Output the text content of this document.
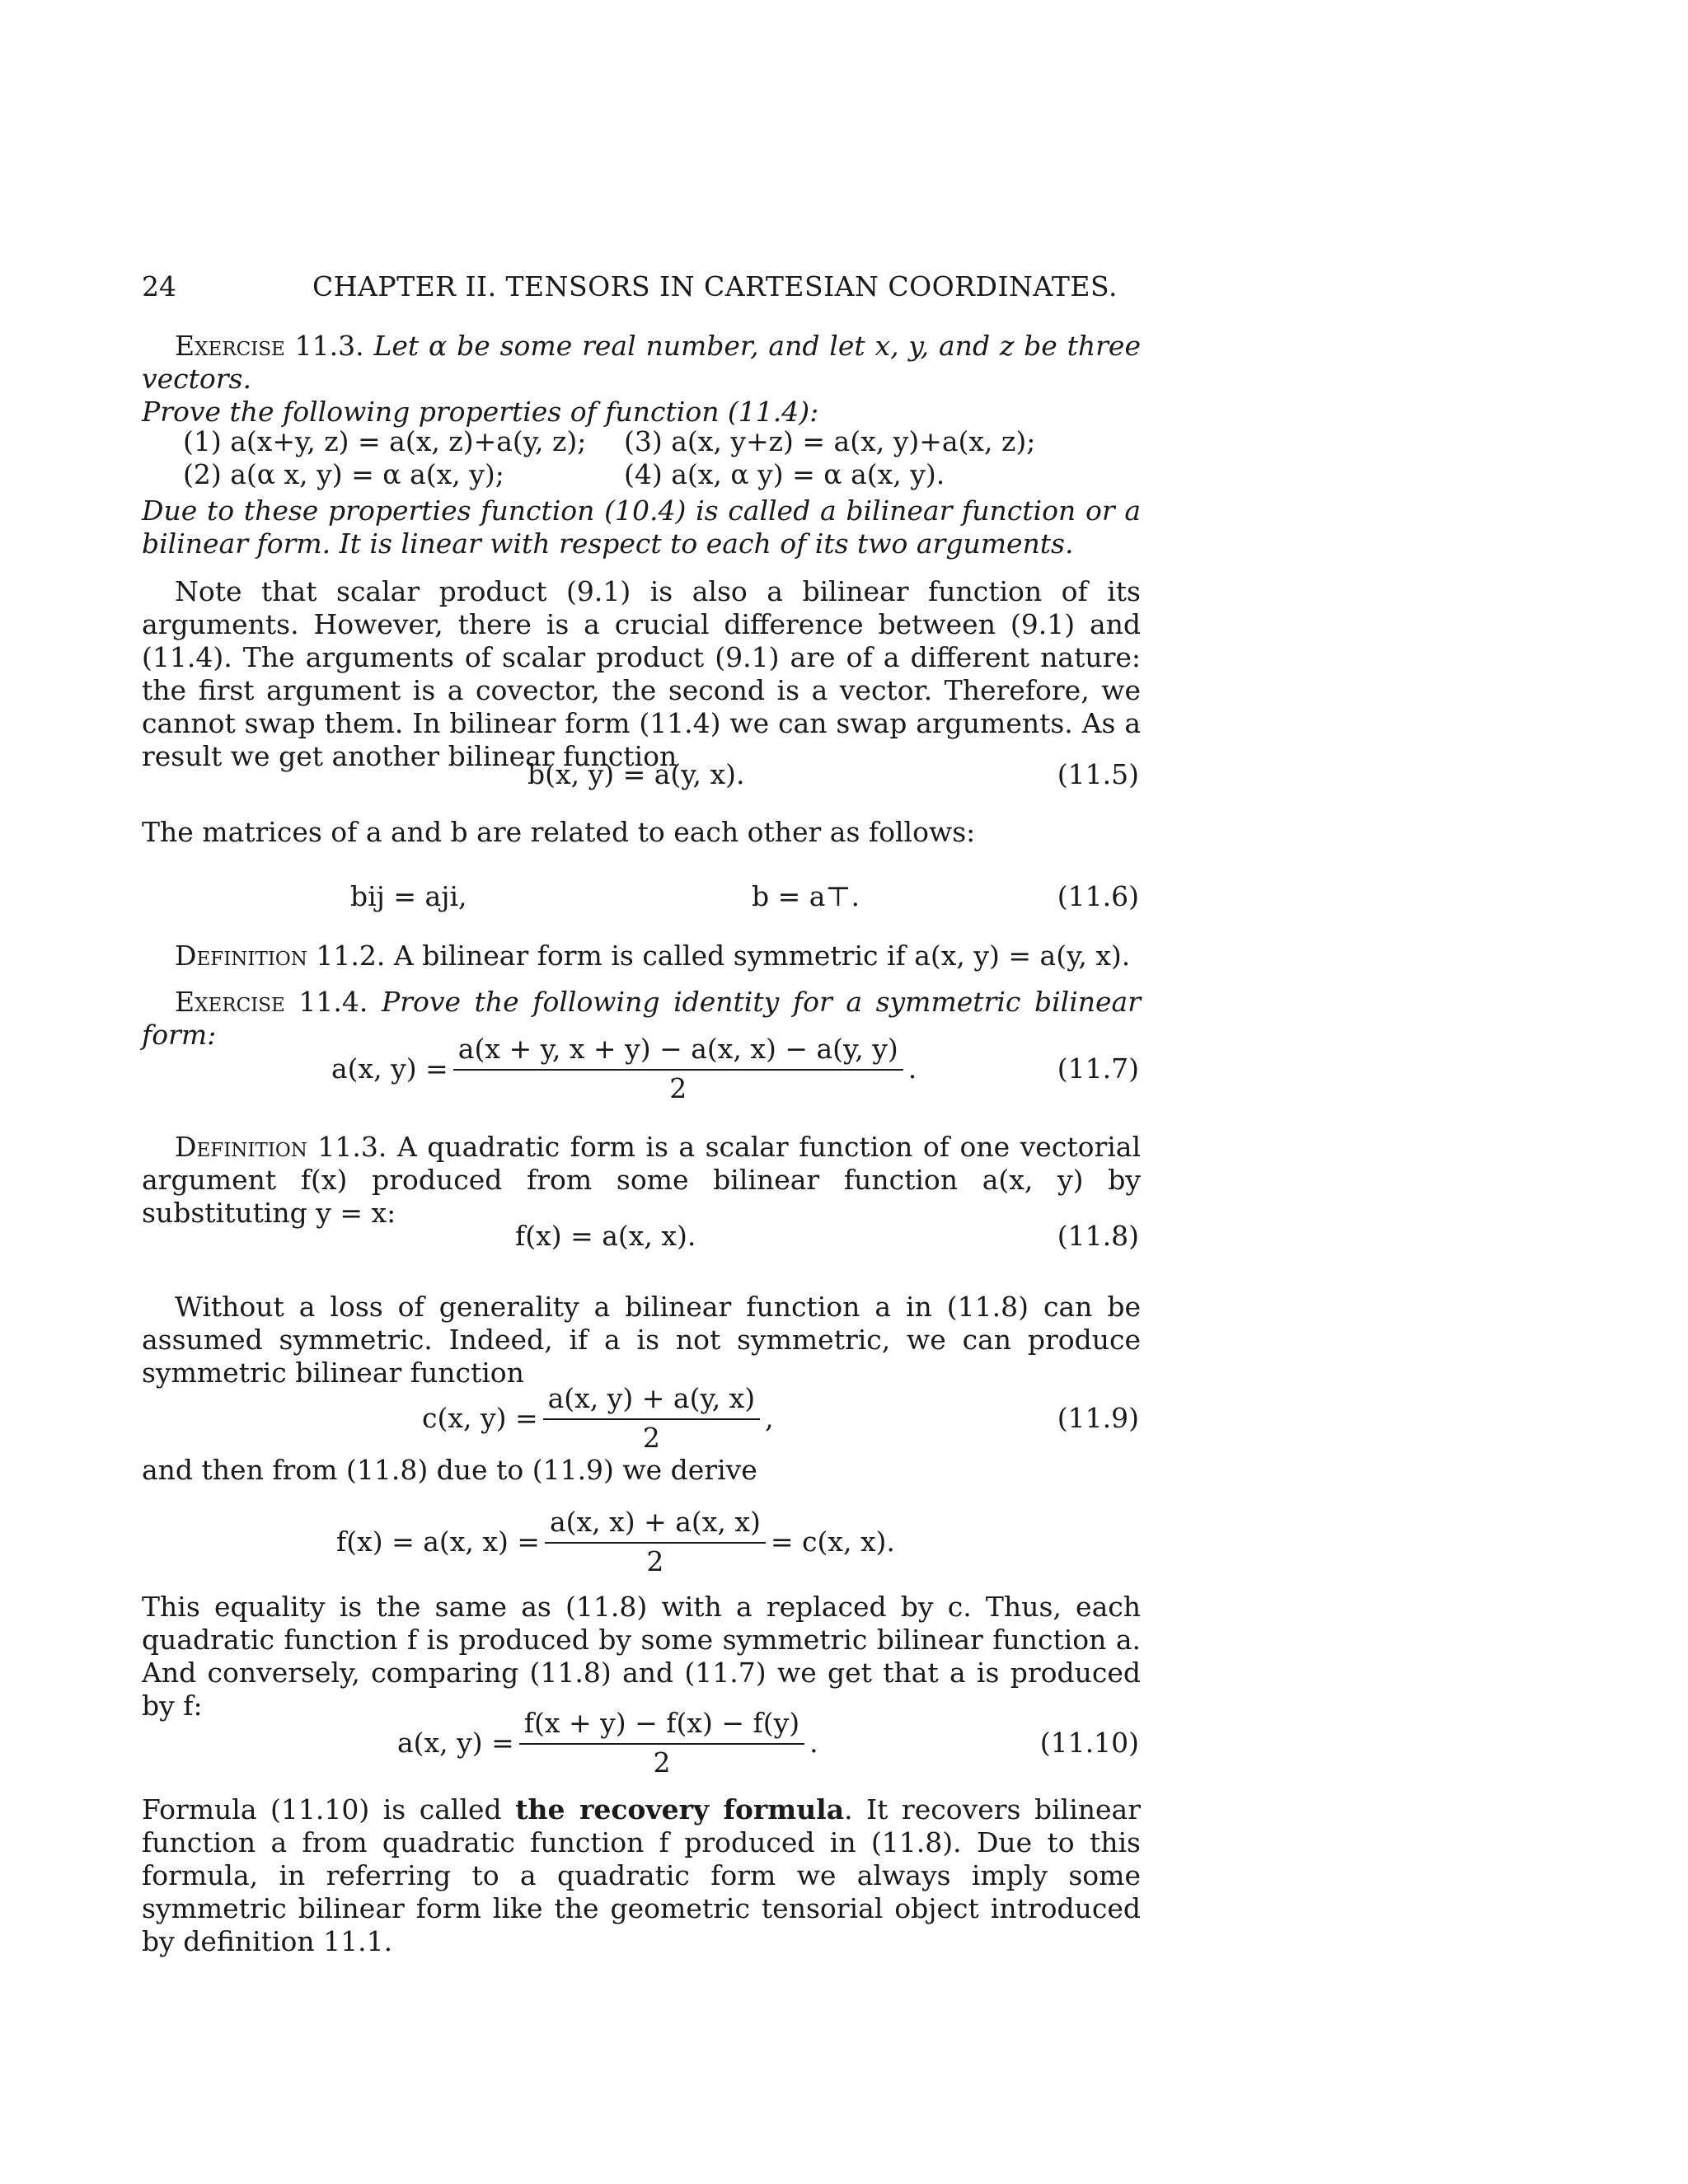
24	CHAPTER II. TENSORS IN CARTESIAN COORDINATES.
Exercise 11.3. Let α be some real number, and let x, y, and z be three vectors.
Prove the following properties of function (11.4):
(1) a(x+y, z) = a(x, z)+a(y, z);
(2) a(α x, y) = α a(x, y);
(3) a(x, y+z) = a(x, y)+a(x, z);
(4) a(x, α y) = α a(x, y).
Due to these properties function (10.4) is called a bilinear function or a bilinear form. It is linear with respect to each of its two arguments.
Note that scalar product (9.1) is also a bilinear function of its arguments. However, there is a crucial difference between (9.1) and (11.4). The arguments of scalar product (9.1) are of a different nature: the first argument is a covector, the second is a vector. Therefore, we cannot swap them. In bilinear form (11.4) we can swap arguments. As a result we get another bilinear function
b(x, y) = a(y, x).	(11.5)
The matrices of a and b are related to each other as follows:
bij = aji,	b = a⊤.	(11.6)
Definition 11.2. A bilinear form is called symmetric if a(x, y) = a(y, x).
Exercise 11.4. Prove the following identity for a symmetric bilinear form:
a(x, $y) = \frac{a(x + y, x + y) - a(x, x) - a(y, y)}{2}$ .	(11.7)
Definition 11.3. A quadratic form is a scalar function of one vectorial argument f(x) produced from some bilinear function a(x, y) by substituting y = x:
f(x) = a(x, x).	(11.8)
Without a loss of generality a bilinear function a in (11.8) can be assumed symmetric. Indeed, if a is not symmetric, we can produce symmetric bilinear function
c(x, $y) = \frac{a(x, y) + a(y, x)}{2}$ ,	(11.9)
and then from (11.8) due to (11.9) we derive
f(x) = a(x, $x) = \frac{a(x, x) + a(x, x)}{2} = c(x$, x).
This equality is the same as (11.8) with a replaced by c. Thus, each quadratic function f is produced by some symmetric bilinear function a. And conversely, comparing (11.8) and (11.7) we get that a is produced by f:
a(x, $y) = \frac{f(x + y) - f(x) - f(y)}{2}$ .	(11.10)
Formula (11.10) is called the recovery formula. It recovers bilinear function a from quadratic function f produced in (11.8). Due to this formula, in referring to a quadratic form we always imply some symmetric bilinear form like the geometric tensorial object introduced by definition 11.1.
